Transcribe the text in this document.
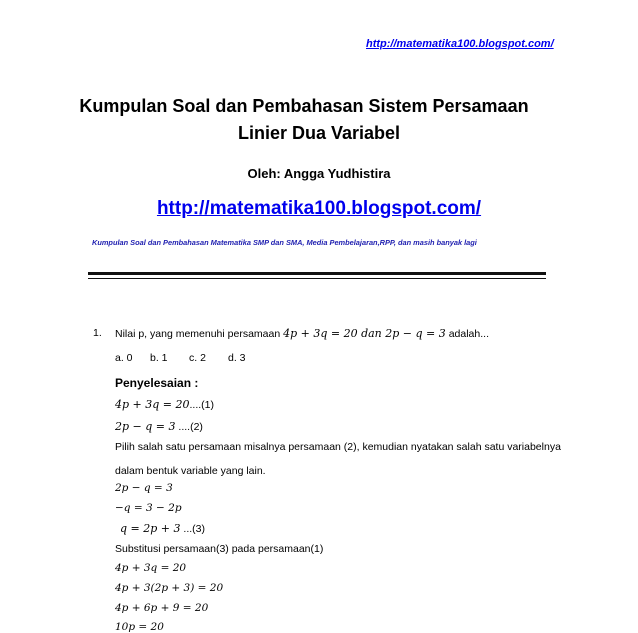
http://matematika100.blogspot.com/
Kumpulan Soal dan Pembahasan Sistem Persamaan
Linier Dua Variabel
Oleh: Angga Yudhistira
http://matematika100.blogspot.com/
Kumpulan Soal dan Pembahasan Matematika SMP dan SMA, Media Pembelajaran,RPP, dan masih banyak lagi
1. Nilai p, yang memenuhi persamaan 4p + 3q = 20 dan 2p − q = 3 adalah...
a. 0 b. 1 c. 2 d. 3
Penyelesaian :
4p + 3q = 20....(1)
2p − q = 3 ....(2)
Pilih salah satu persamaan misalnya persamaan (2), kemudian nyatakan salah satu variabelnya
dalam bentuk variable yang lain.
2p − q = 3
−q = 3 − 2p
q = 2p + 3 ...(3)
Substitusi persamaan(3) pada persamaan(1)
4p + 3q = 20
4p + 3(2p + 3) = 20
4p + 6p + 9 = 20
10p = 20
